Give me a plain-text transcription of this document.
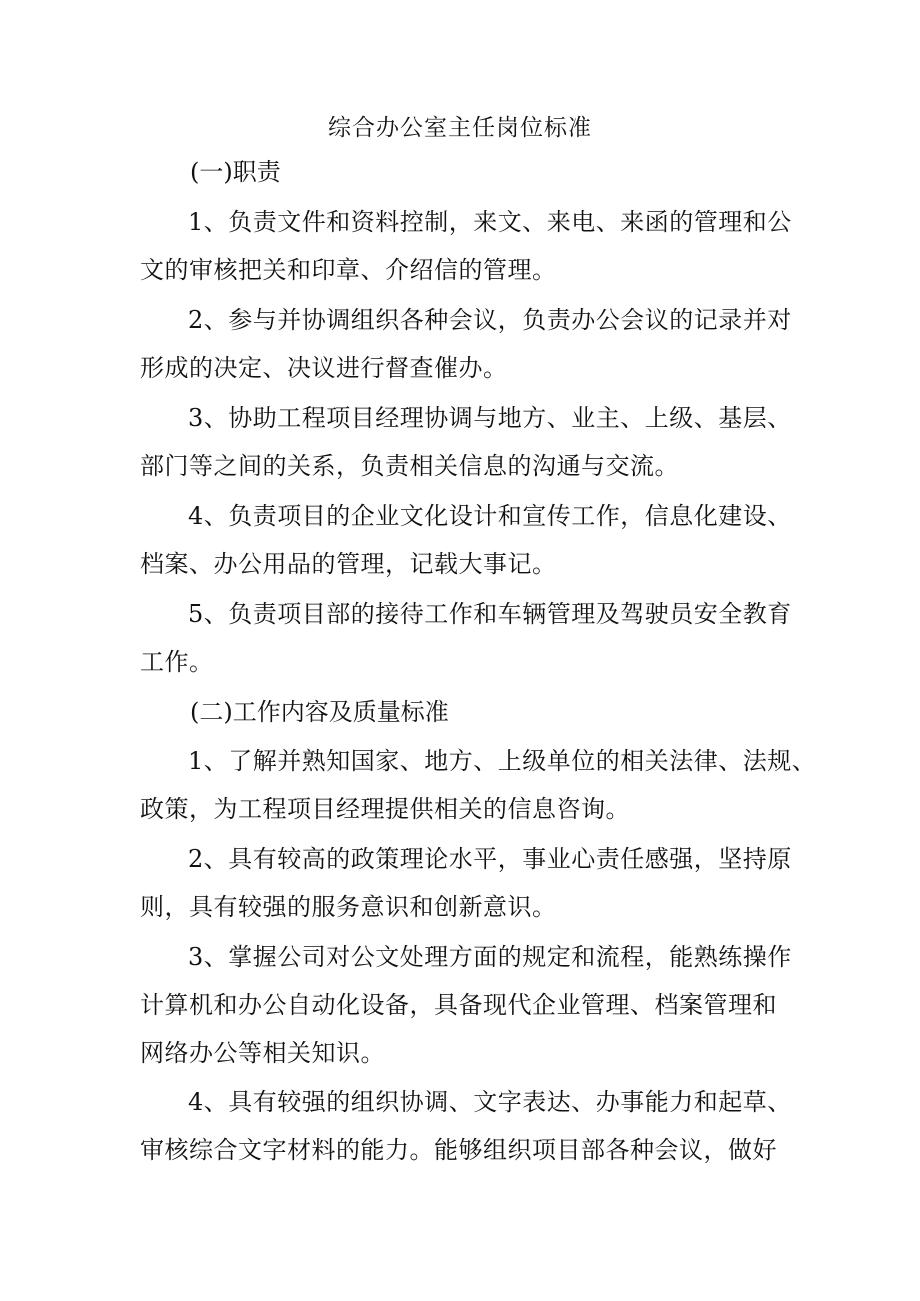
综合办公室主任岗位标准
(一)职责
1、负责文件和资料控制，来文、来电、来函的管理和公
文的审核把关和印章、介绍信的管理。
2、参与并协调组织各种会议，负责办公会议的记录并对
形成的决定、决议进行督查催办。
3、协助工程项目经理协调与地方、业主、上级、基层、
部门等之间的关系，负责相关信息的沟通与交流。
4、负责项目的企业文化设计和宣传工作，信息化建设、
档案、办公用品的管理，记载大事记。
5、负责项目部的接待工作和车辆管理及驾驶员安全教育
工作。
(二)工作内容及质量标准
1、了解并熟知国家、地方、上级单位的相关法律、法规、
政策，为工程项目经理提供相关的信息咨询。
2、具有较高的政策理论水平，事业心责任感强，坚持原
则，具有较强的服务意识和创新意识。
3、掌握公司对公文处理方面的规定和流程，能熟练操作
计算机和办公自动化设备，具备现代企业管理、档案管理和
网络办公等相关知识。
4、具有较强的组织协调、文字表达、办事能力和起草、
审核综合文字材料的能力。能够组织项目部各种会议，做好
